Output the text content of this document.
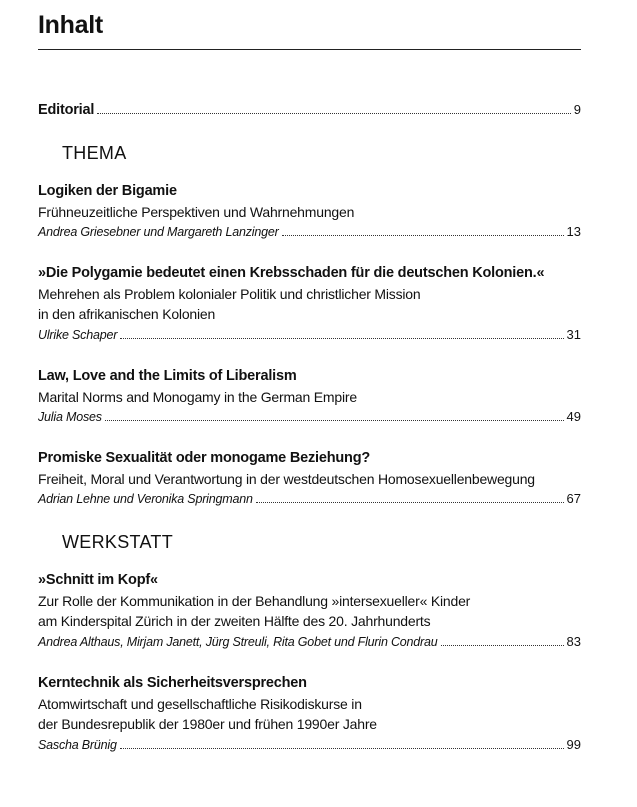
Inhalt
Editorial	9
THEMA
Logiken der Bigamie
Frühneuzeitliche Perspektiven und Wahrnehmungen
Andrea Griesebner und Margareth Lanzinger	13
»Die Polygamie bedeutet einen Krebsschaden für die deutschen Kolonien.«
Mehrehen als Problem kolonialer Politik und christlicher Mission
in den afrikanischen Kolonien
Ulrike Schaper	31
Law, Love and the Limits of Liberalism
Marital Norms and Monogamy in the German Empire
Julia Moses	49
Promiske Sexualität oder monogame Beziehung?
Freiheit, Moral und Verantwortung in der westdeutschen Homosexuellenbewegung
Adrian Lehne und Veronika Springmann	67
WERKSTATT
»Schnitt im Kopf«
Zur Rolle der Kommunikation in der Behandlung »intersexueller« Kinder
am Kinderspital Zürich in der zweiten Hälfte des 20. Jahrhunderts
Andrea Althaus, Mirjam Janett, Jürg Streuli, Rita Gobet und Flurin Condrau	83
Kerntechnik als Sicherheitsversprechen
Atomwirtschaft und gesellschaftliche Risikodiskurse in
der Bundesrepublik der 1980er und frühen 1990er Jahre
Sascha Brünig	99
